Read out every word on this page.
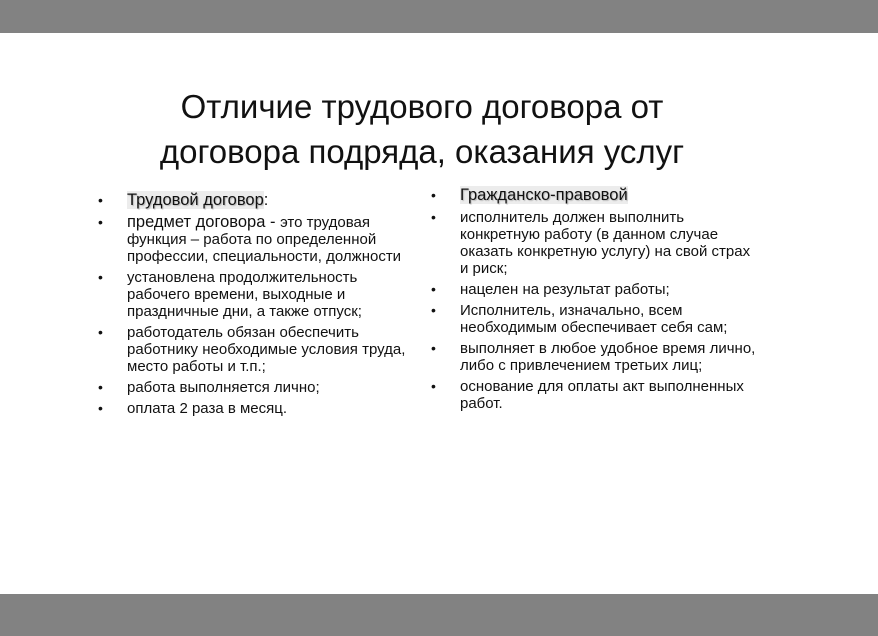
Отличие трудового договора от
договора подряда, оказания услуг
• Трудовой договор:
• предмет договора - это трудовая функция – работа по определенной профессии, специальности, должности
• установлена продолжительность рабочего времени, выходные и праздничные дни, а также отпуск;
• работодатель обязан обеспечить работнику необходимые условия труда, место работы и т.п.;
• работа выполняется лично;
• оплата 2 раза в месяц.
• Гражданско-правовой
• исполнитель должен выполнить конкретную работу (в данном случае оказать конкретную услугу) на свой страх и риск;
• нацелен на результат работы;
• Исполнитель, изначально, всем необходимым обеспечивает себя сам;
• выполняет в любое удобное время лично, либо с привлечением третьих лиц;
• основание для оплаты акт выполненных работ.
